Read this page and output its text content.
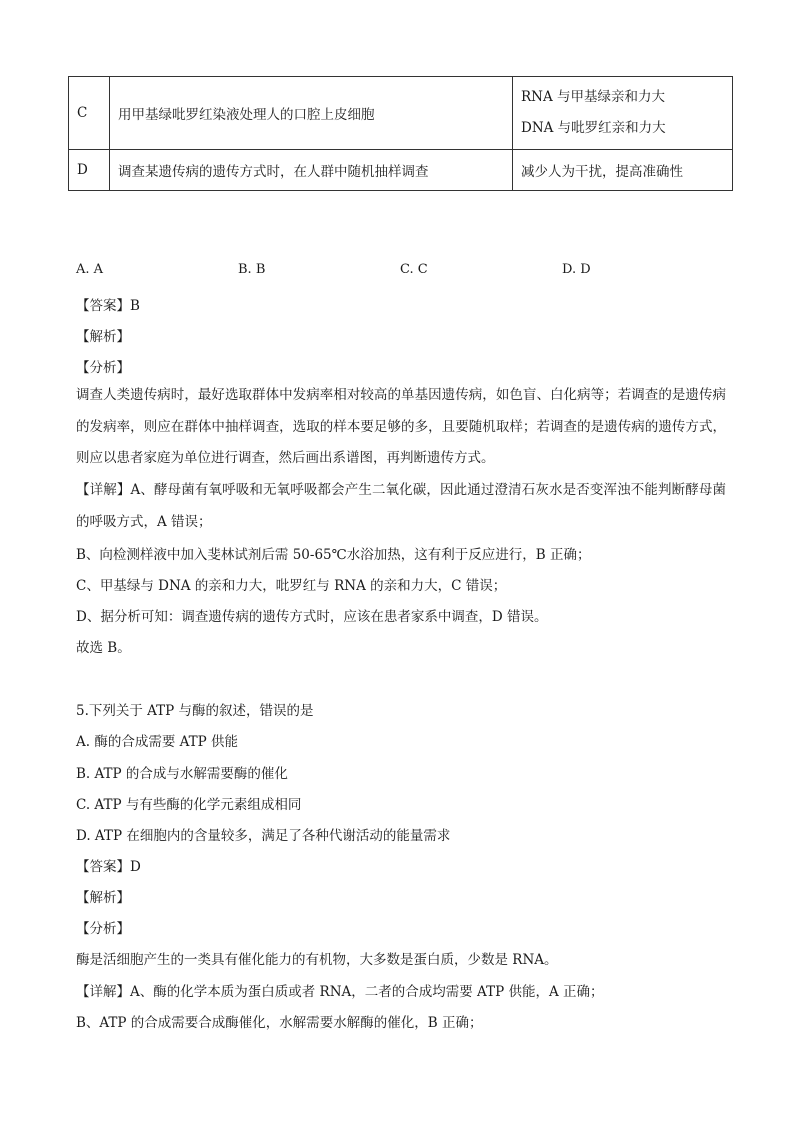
C	用甲基绿吡罗红染液处理人的口腔上皮细胞	RNA 与甲基绿亲和力大
DNA 与吡罗红亲和力大

D	调查某遗传病的遗传方式时，在人群中随机抽样调查	减少人为干扰，提高准确性
A. A	B. B	C. C	D. D
【答案】B
【解析】
【分析】
调查人类遗传病时，最好选取群体中发病率相对较高的单基因遗传病，如色盲、白化病等；若调查的是遗传病的发病率，则应在群体中抽样调查，选取的样本要足够的多，且要随机取样；若调查的是遗传病的遗传方式，则应以患者家庭为单位进行调查，然后画出系谱图，再判断遗传方式。
【详解】A、酵母菌有氧呼吸和无氧呼吸都会产生二氧化碳，因此通过澄清石灰水是否变浑浊不能判断酵母菌的呼吸方式，A 错误；
B、向检测样液中加入斐林试剂后需 50-65℃水浴加热，这有利于反应进行，B 正确；
C、甲基绿与 DNA 的亲和力大，吡罗红与 RNA 的亲和力大，C 错误；
D、据分析可知：调查遗传病的遗传方式时，应该在患者家系中调查，D 错误。
故选 B。
5.下列关于 ATP 与酶的叙述，错误的是
A. 酶的合成需要 ATP 供能
B. ATP 的合成与水解需要酶的催化
C. ATP 与有些酶的化学元素组成相同
D. ATP 在细胞内的含量较多，满足了各种代谢活动的能量需求
【答案】D
【解析】
【分析】
酶是活细胞产生的一类具有催化能力的有机物，大多数是蛋白质，少数是 RNA。
【详解】A、酶的化学本质为蛋白质或者 RNA，二者的合成均需要 ATP 供能，A 正确；
B、ATP 的合成需要合成酶催化，水解需要水解酶的催化，B 正确；
